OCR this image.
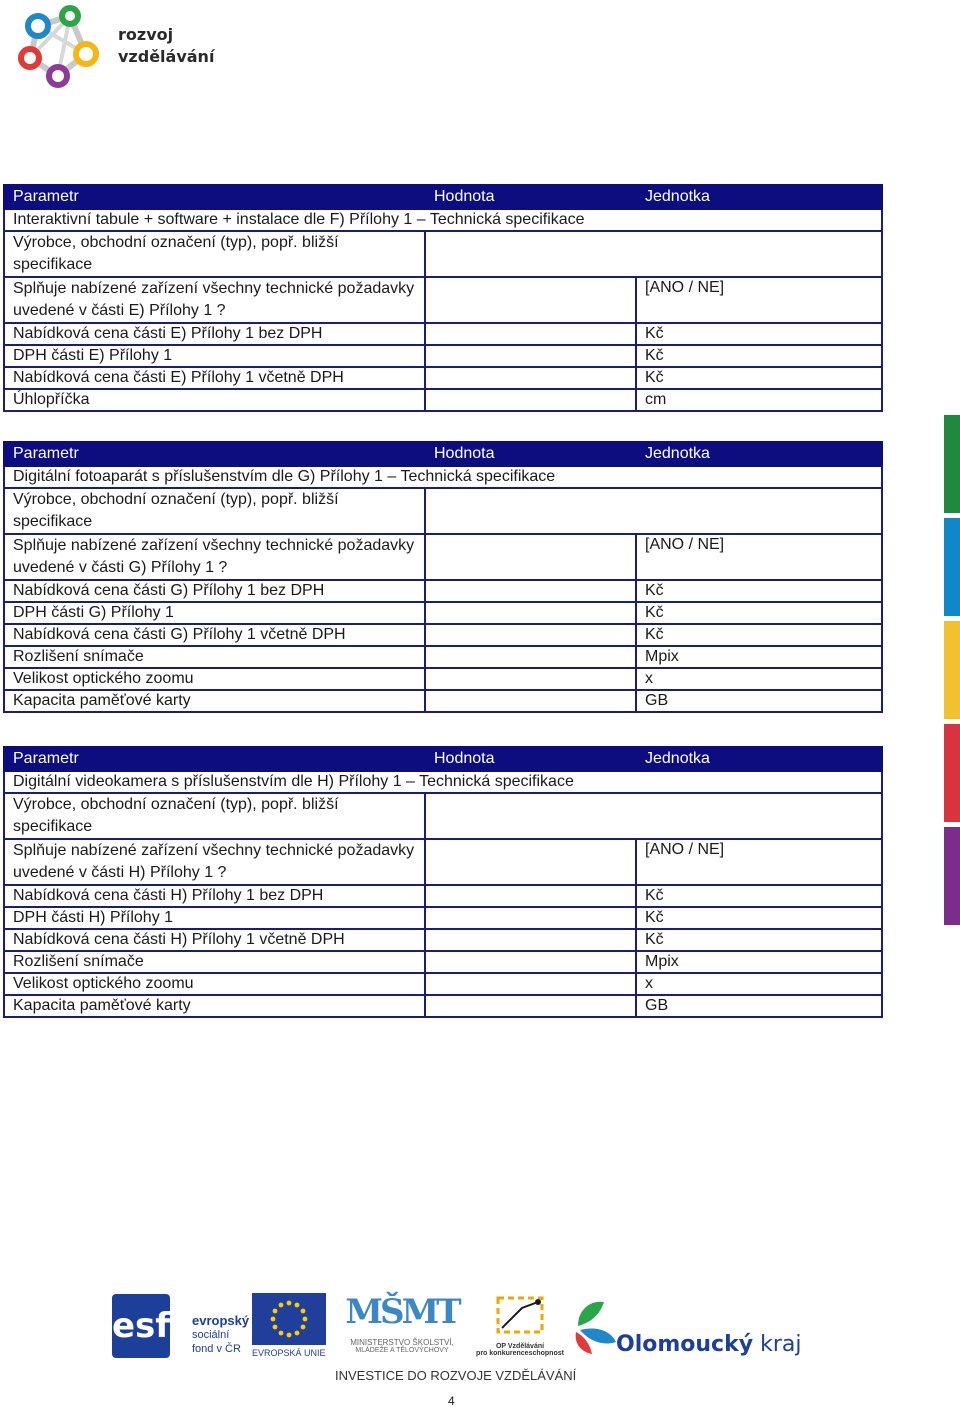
rozvoj
vzdělávání
Parametr	Hodnota	Jednotka
Interaktivní tabule + software + instalace dle F) Přílohy 1 – Technická specifikace		
Výrobce, obchodní označení (typ), popř. bližší specifikace		
Splňuje nabízené zařízení všechny technické požadavky uvedené v části E) Přílohy 1 ?		[ANO / NE]
Nabídková cena části E) Přílohy 1 bez DPH		Kč
DPH části E) Přílohy 1		Kč
Nabídková cena části E) Přílohy 1 včetně DPH		Kč
Úhlopříčka		cm
Parametr	Hodnota	Jednotka
Digitální fotoaparát s příslušenstvím dle G) Přílohy 1 – Technická specifikace		
Výrobce, obchodní označení (typ), popř. bližší specifikace		
Splňuje nabízené zařízení všechny technické požadavky uvedené v části G) Přílohy 1 ?		[ANO / NE]
Nabídková cena části G) Přílohy 1 bez DPH		Kč
DPH části G) Přílohy 1		Kč
Nabídková cena části G) Přílohy 1 včetně DPH		Kč
Rozlišení snímače		Mpix
Velikost optického zoomu		x
Kapacita paměťové karty		GB
Parametr	Hodnota	Jednotka
Digitální videokamera s příslušenstvím dle H) Přílohy 1 – Technická specifikace		
Výrobce, obchodní označení (typ), popř. bližší specifikace		
Splňuje nabízené zařízení všechny technické požadavky uvedené v části H) Přílohy 1 ?		[ANO / NE]
Nabídková cena části H) Přílohy 1 bez DPH		Kč
DPH části H) Přílohy 1		Kč
Nabídková cena části H) Přílohy 1 včetně DPH		Kč
Rozlišení snímače		Mpix
Velikost optického zoomu		x
Kapacita paměťové karty		GB
esf evropský
sociální
fond v ČR	EVROPSKÁ UNIE
MŠMT
MINISTERSTVO ŠKOLSTVÍ,
MLÁDEŽE A TĚLOVÝCHOVY
OP Vzdělávání
pro konkurenceschopnost Olomoucký kraj
INVESTICE DO ROZVOJE VZDĚLÁVÁNÍ
4
